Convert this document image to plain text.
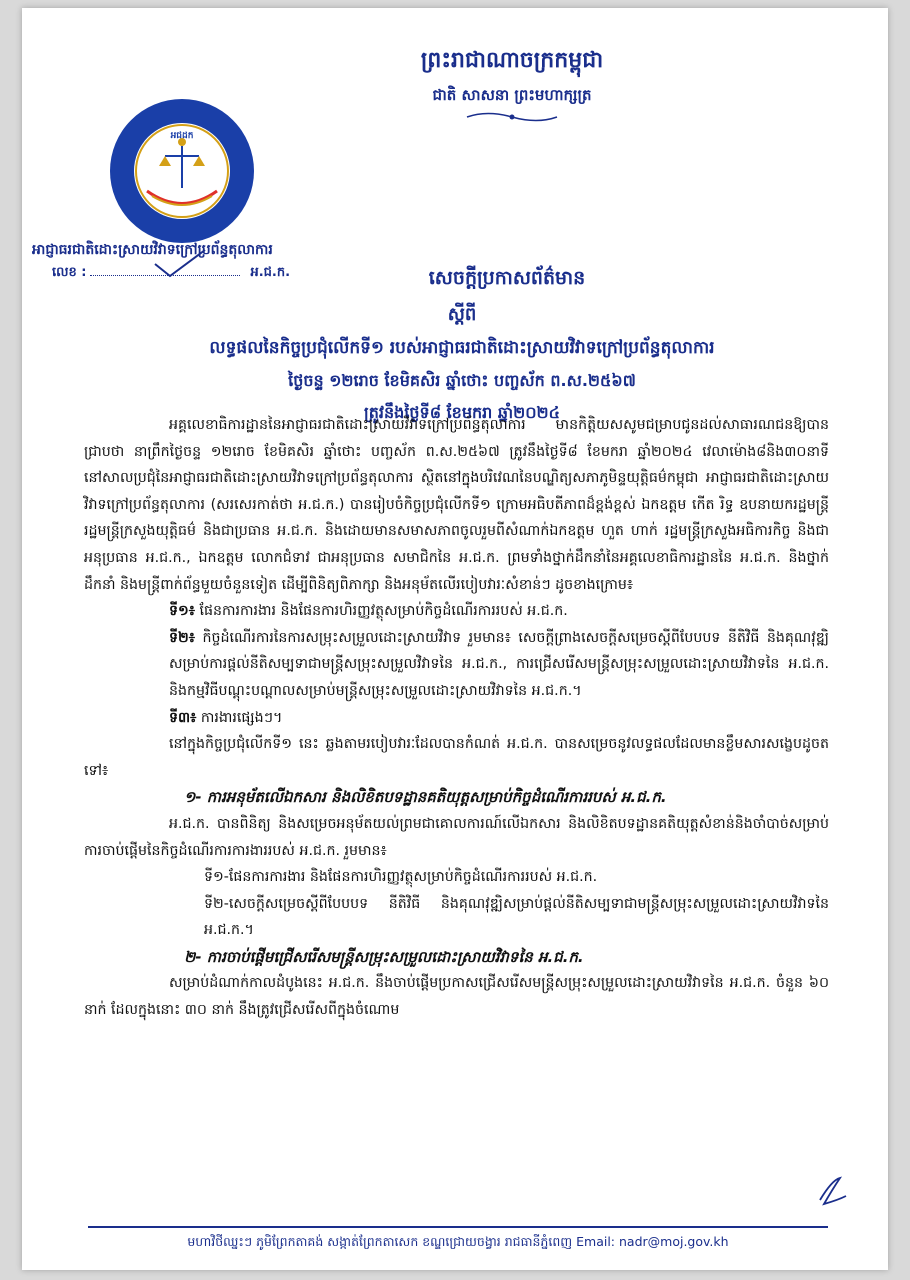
ព្រះរាជាណាចក្រកម្ពុជា
ជាតិ សាសនា ព្រះមហាក្សត្រ
អជដក
អាជ្ញាធរជាតិដោះស្រាយវិវាទក្រៅប្រព័ន្ធតុលាការ
លេខ :	អ.ជ.ក.	សេចក្តីប្រកាសព័ត៌មាន
ស្តីពី
លទ្ធផលនៃកិច្ចប្រជុំលើកទី១ របស់អាជ្ញាធរជាតិដោះស្រាយវិវាទក្រៅប្រព័ន្ធតុលាការ
ថ្ងៃចន្ទ ១២រោច ខែមិគសិរ ឆ្នាំថោះ បញ្ចស័ក ព.ស.២៥៦៧
ត្រូវនឹងថ្ងៃទី៨ ខែមករា ឆ្នាំ២០២៤

អគ្គលេខាធិការដ្ឋាននៃអាជ្ញាធរជាតិដោះស្រាយវិវាទក្រៅប្រព័ន្ធតុលាការ មានកិត្តិយសសូមជម្រាបជូនដល់សាធារណជនឱ្យបានជ្រាបថា នាព្រឹកថ្ងៃចន្ទ ១២រោច ខែមិគសិរ ឆ្នាំថោះ បញ្ចស័ក ព.ស.២៥៦៧ ត្រូវនឹងថ្ងៃទី៨ ខែមករា ឆ្នាំ២០២៤ វេលាម៉ោង៨និង៣០នាទី នៅសាលប្រជុំនៃអាជ្ញាធរជាតិដោះស្រាយវិវាទក្រៅប្រព័ន្ធតុលាការ ស្ថិតនៅក្នុងបរិវេណនៃបណ្ឌិត្យសភាភូមិន្ទយុត្តិធម៌កម្ពុជា អាជ្ញាធរជាតិដោះស្រាយវិវាទក្រៅប្រព័ន្ធតុលាការ (សរសេរកាត់ថា អ.ជ.ក.) បានរៀបចំកិច្ចប្រជុំលើកទី១ ក្រោមអធិបតីភាពដ៏ខ្ពង់ខ្ពស់ ឯកឧត្តម កើត រិទ្ធ ឧបនាយករដ្ឋមន្ត្រី រដ្ឋមន្ត្រីក្រសួងយុត្តិធម៌ និងជាប្រធាន អ.ជ.ក. និងដោយមានសមាសភាពចូលរួមពីសំណាក់ឯកឧត្តម ហួត ហាក់ រដ្ឋមន្ត្រីក្រសួងអធិការកិច្ច និងជាអនុប្រធាន អ.ជ.ក., ឯកឧត្តម លោកជំទាវ ជាអនុប្រធាន សមាជិកនៃ អ.ជ.ក. ព្រមទាំងថ្នាក់ដឹកនាំនៃអគ្គលេខាធិការដ្ឋាននៃ អ.ជ.ក. និងថ្នាក់ដឹកនាំ និងមន្ត្រីពាក់ព័ន្ធមួយចំនួនទៀត ដើម្បីពិនិត្យពិភាក្សា និងអនុម័តលើរបៀបវារៈសំខាន់ៗ ដូចខាងក្រោម៖

ទី១៖ ផែនការការងារ និងផែនការហិរញ្ញវត្ថុសម្រាប់កិច្ចដំណើរការរបស់ អ.ជ.ក.

ទី២៖ កិច្ចដំណើរការនៃការសម្រុះសម្រួលដោះស្រាយវិវាទ រួមមាន៖ សេចក្តីព្រាងសេចក្តីសម្រេចស្តីពីបែបបទ នីតិវិធី និងគុណវុឌ្ឍិសម្រាប់ការផ្តល់នីតិសម្បទាជាមន្ត្រីសម្រុះសម្រួលវិវាទនៃ អ.ជ.ក., ការជ្រើសរើសមន្ត្រីសម្រុះសម្រួលដោះស្រាយវិវាទនៃ អ.ជ.ក. និងកម្មវិធីបណ្តុះបណ្តាលសម្រាប់មន្ត្រីសម្រុះសម្រួលដោះស្រាយវិវាទនៃ អ.ជ.ក.។

ទី៣៖ ការងារផ្សេងៗ។

នៅក្នុងកិច្ចប្រជុំលើកទី១ នេះ ឆ្លងតាមរបៀបវារៈដែលបានកំណត់ អ.ជ.ក. បានសម្រេចនូវលទ្ធផលដែលមានខ្លឹមសារសង្ខេបដូចតទៅ៖

១- ការអនុម័តលើឯកសារ និងលិខិតបទដ្ឋានគតិយុត្តសម្រាប់កិច្ចដំណើរការរបស់ អ.ជ.ក.

អ.ជ.ក. បានពិនិត្យ និងសម្រេចអនុម័តយល់ព្រមជាគោលការណ៍លើឯកសារ និងលិខិតបទដ្ឋានគតិយុត្តសំខាន់និងចាំបាច់សម្រាប់ការចាប់ផ្តើមនៃកិច្ចដំណើរការការងាររបស់ អ.ជ.ក. រួមមាន៖

ទី១-ផែនការការងារ និងផែនការហិរញ្ញវត្ថុសម្រាប់កិច្ចដំណើរការរបស់ អ.ជ.ក.

ទី២-សេចក្តីសម្រេចស្តីពីបែបបទ នីតិវិធី និងគុណវុឌ្ឍិសម្រាប់ផ្តល់នីតិសម្បទាជាមន្ត្រីសម្រុះសម្រួលដោះស្រាយវិវាទនៃ អ.ជ.ក.។

២- ការចាប់ផ្តើមជ្រើសរើសមន្ត្រីសម្រុះសម្រួលដោះស្រាយវិវាទនៃ អ.ជ.ក.

សម្រាប់ដំណាក់កាលដំបូងនេះ អ.ជ.ក. នឹងចាប់ផ្តើមប្រកាសជ្រើសរើសមន្ត្រីសម្រុះសម្រួលដោះស្រាយវិវាទនៃ អ.ជ.ក. ចំនួន ៦០ នាក់ ដែលក្នុងនោះ ៣០ នាក់ នឹងត្រូវជ្រើសរើសពីក្នុងចំណោម

មហាវិថីឈ្នះៗ ភូមិព្រែកតាគង់ សង្កាត់ព្រែកតាសេក ខណ្ឌជ្រោយចង្វារ រាជធានីភ្នំពេញ Email: nadr@moj.gov.kh
